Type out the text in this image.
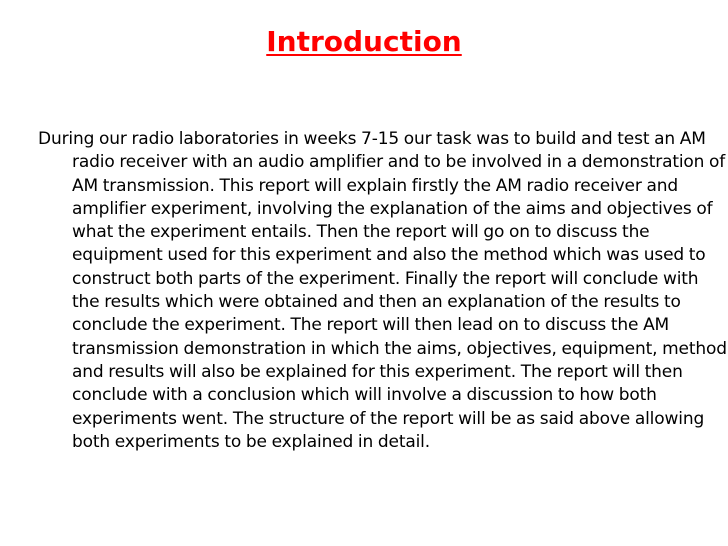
Introduction

During our radio laboratories in weeks 7-15 our task was to build and test an AM radio receiver with an audio amplifier and to be involved in a demonstration of AM transmission. This report will explain firstly the AM radio receiver and amplifier experiment, involving the explanation of the aims and objectives of what the experiment entails. Then the report will go on to discuss the equipment used for this experiment and also the method which was used to construct both parts of the experiment. Finally the report will conclude with the results which were obtained and then an explanation of the results to conclude the experiment. The report will then lead on to discuss the AM transmission demonstration in which the aims, objectives, equipment, method and results will also be explained for this experiment. The report will then conclude with a conclusion which will involve a discussion to how both experiments went. The structure of the report will be as said above allowing both experiments to be explained in detail.
